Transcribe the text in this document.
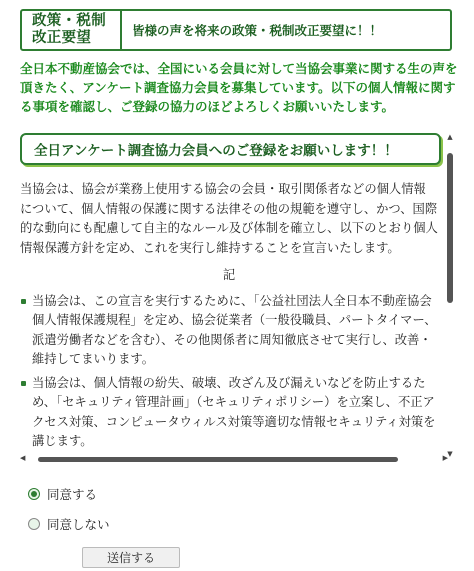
政策・税制
改正要望	皆様の声を将来の政策・税制改正要望に！！
全日本不動産協会では、全国にいる会員に対して当協会事業に関する生の声を頂きたく、アンケート調査協力会員を募集しています。以下の個人情報に関する事項を確認し、ご登録の協力のほどよろしくお願いいたします。
全日アンケート調査協力会員へのご登録をお願いします！！

当協会は、協会が業務上使用する協会の会員・取引関係者などの個人情報について、個人情報の保護に関する法律その他の規範を遵守し、かつ、国際的な動向にも配慮して自主的なルール及び体制を確立し、以下のとおり個人情報保護方針を定め、これを実行し維持することを宣言いたします。

記

当協会は、この宣言を実行するために、「公益社団法人全日本不動産協会　個人情報保護規程」を定め、協会従業者（一般役職員、パートタイマー、派遣労働者などを含む）、その他関係者に周知徹底させて実行し、改善・維持してまいります。
当協会は、個人情報の紛失、破壊、改ざん及び漏えいなどを防止するため、「セキュリティ管理計画」（セキュリティポリシー）を立案し、不正アクセス対策、コンピュータウィルス対策等適切な情報セキュリティ対策を講じます。
▲
▼
◀	▶
同意する
同意しない
送信する
